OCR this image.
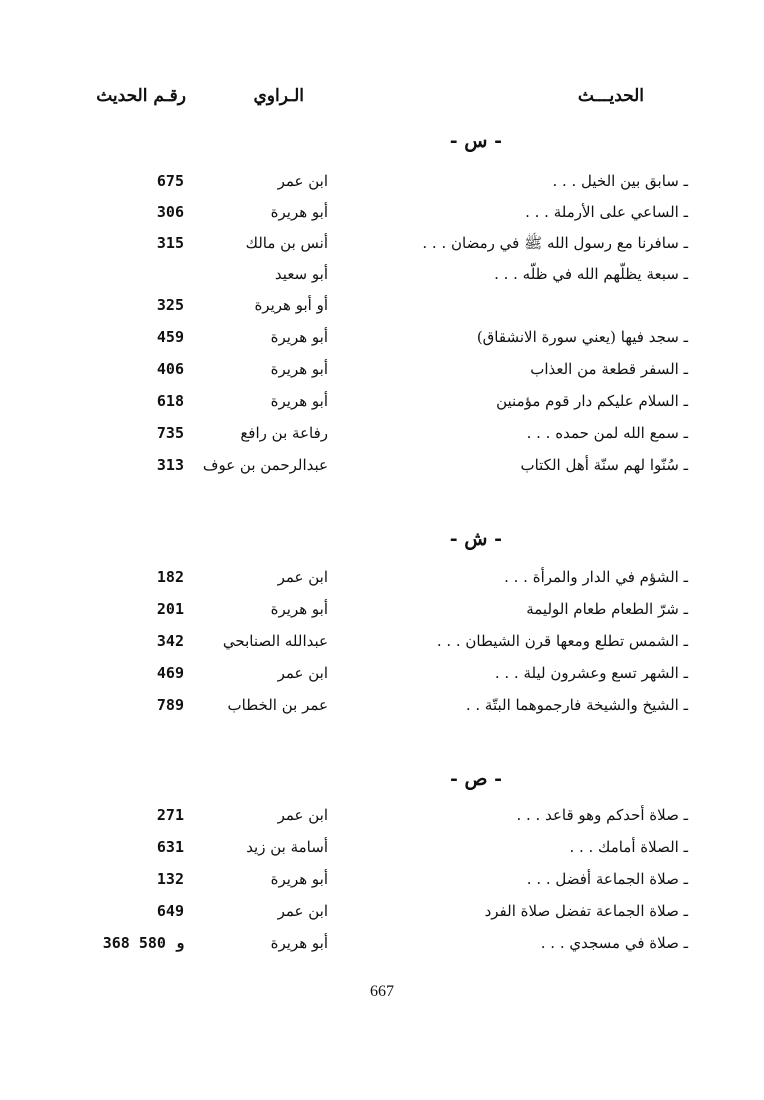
الحديـــث
الـراوي
رقـم الحديث
- س -
ـ سابق بين الخيل . . .
ابن عمر
675
ـ الساعي على الأرملة . . .
أبو هريرة
306
ـ سافرنا مع رسول الله ﷺ في رمضان . . .
أنس بن مالك
315
ـ سبعة يظلّهم الله في ظلّه . . .
أبو سعيد
أو أبو هريرة
325
ـ سجد فيها (يعني سورة الانشقاق)
أبو هريرة
459
ـ السفر قطعة من العذاب
أبو هريرة
406
ـ السلام عليكم دار قوم مؤمنين
أبو هريرة
618
ـ سمع الله لمن حمده . . .
رفاعة بن رافع
735
ـ سُنّوا لهم سنّة أهل الكتاب
عبدالرحمن بن عوف
313
- ش -
ـ الشؤم في الدار والمرأة . . .
ابن عمر
182
ـ شرّ الطعام طعام الوليمة
أبو هريرة
201
ـ الشمس تطلع ومعها قرن الشيطان . . .
عبدالله الصنابحي
342
ـ الشهر تسع وعشرون ليلة . . .
ابن عمر
469
ـ الشيخ والشيخة فارجموهما البتّة . .
عمر بن الخطاب
789
- ص -
ـ صلاة أحدكم وهو قاعد . . .
ابن عمر
271
ـ الصلاة أمامك . . .
أسامة بن زيد
631
ـ صلاة الجماعة أفضل . . .
أبو هريرة
132
ـ صلاة الجماعة تفضل صلاة الفرد
ابن عمر
649
ـ صلاة في مسجدي . . .
أبو هريرة
368 و 580
667
